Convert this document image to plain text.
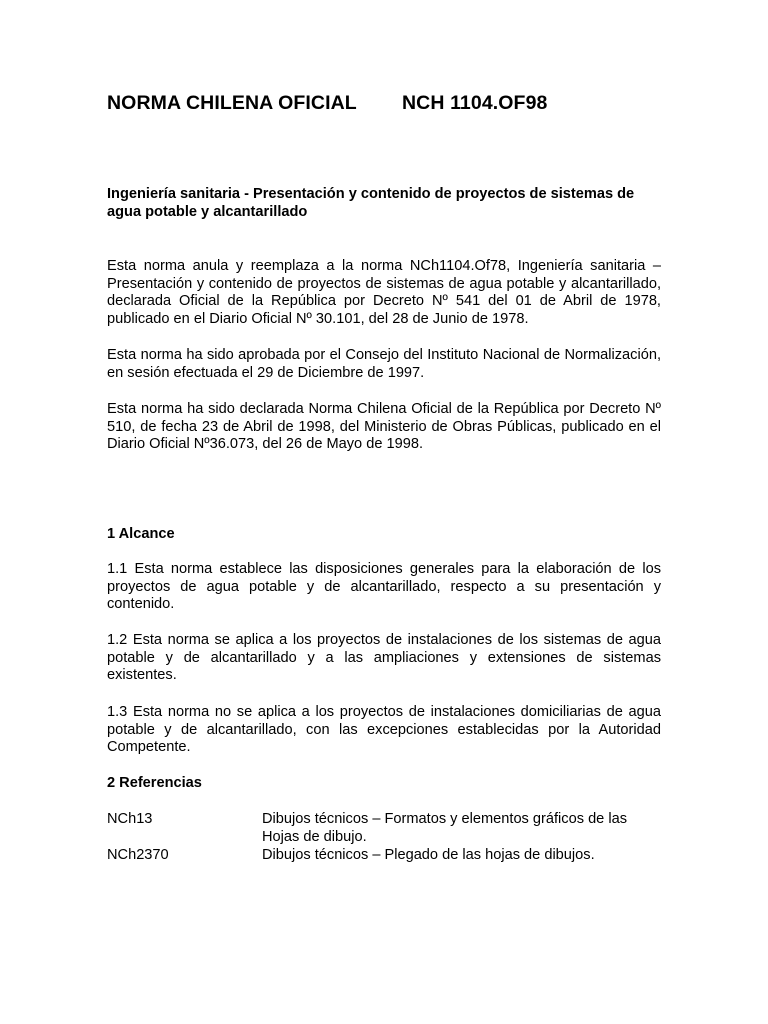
NORMA CHILENA OFICIAL NCH 1104.OF98
Ingeniería sanitaria - Presentación y contenido de proyectos de sistemas de agua potable y alcantarillado
Esta norma anula y reemplaza a la norma NCh1104.Of78, Ingeniería sanitaria – Presentación y contenido de proyectos de sistemas de agua potable y alcantarillado, declarada Oficial de la República por Decreto Nº 541 del 01 de Abril de 1978, publicado en el Diario Oficial Nº 30.101, del 28 de Junio de 1978.
Esta norma ha sido aprobada por el Consejo del Instituto Nacional de Normalización, en sesión efectuada el 29 de Diciembre de 1997.
Esta norma ha sido declarada Norma Chilena Oficial de la República por Decreto Nº 510, de fecha 23 de Abril de 1998, del Ministerio de Obras Públicas, publicado en el Diario Oficial Nº36.073, del 26 de Mayo de 1998.
1 Alcance
1.1 Esta norma establece las disposiciones generales para la elaboración de los proyectos de agua potable y de alcantarillado, respecto a su presentación y contenido.
1.2 Esta norma se aplica a los proyectos de instalaciones de los sistemas de agua potable y de alcantarillado y a las ampliaciones y extensiones de sistemas existentes.
1.3 Esta norma no se aplica a los proyectos de instalaciones domiciliarias de agua potable y de alcantarillado, con las excepciones establecidas por la Autoridad Competente.
2 Referencias
NCh13	Dibujos técnicos – Formatos y elementos gráficos de las Hojas de dibujo.
NCh2370	Dibujos técnicos – Plegado de las hojas de dibujos.
